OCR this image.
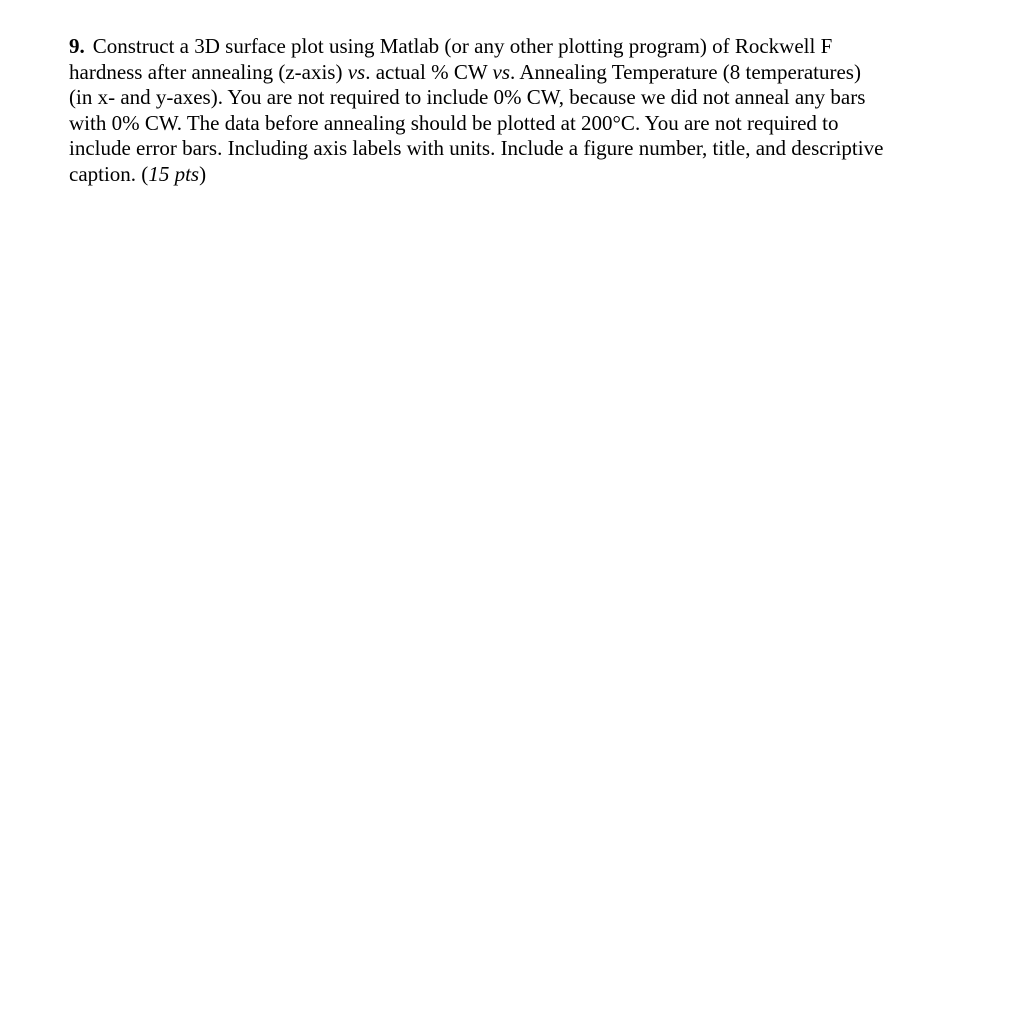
9. Construct a 3D surface plot using Matlab (or any other plotting program) of Rockwell F
hardness after annealing (z-axis) vs. actual % CW vs. Annealing Temperature (8 temperatures)
(in x- and y-axes). You are not required to include 0% CW, because we did not anneal any bars
with 0% CW. The data before annealing should be plotted at 200°C. You are not required to
include error bars. Including axis labels with units. Include a figure number, title, and descriptive
caption. (15 pts)
